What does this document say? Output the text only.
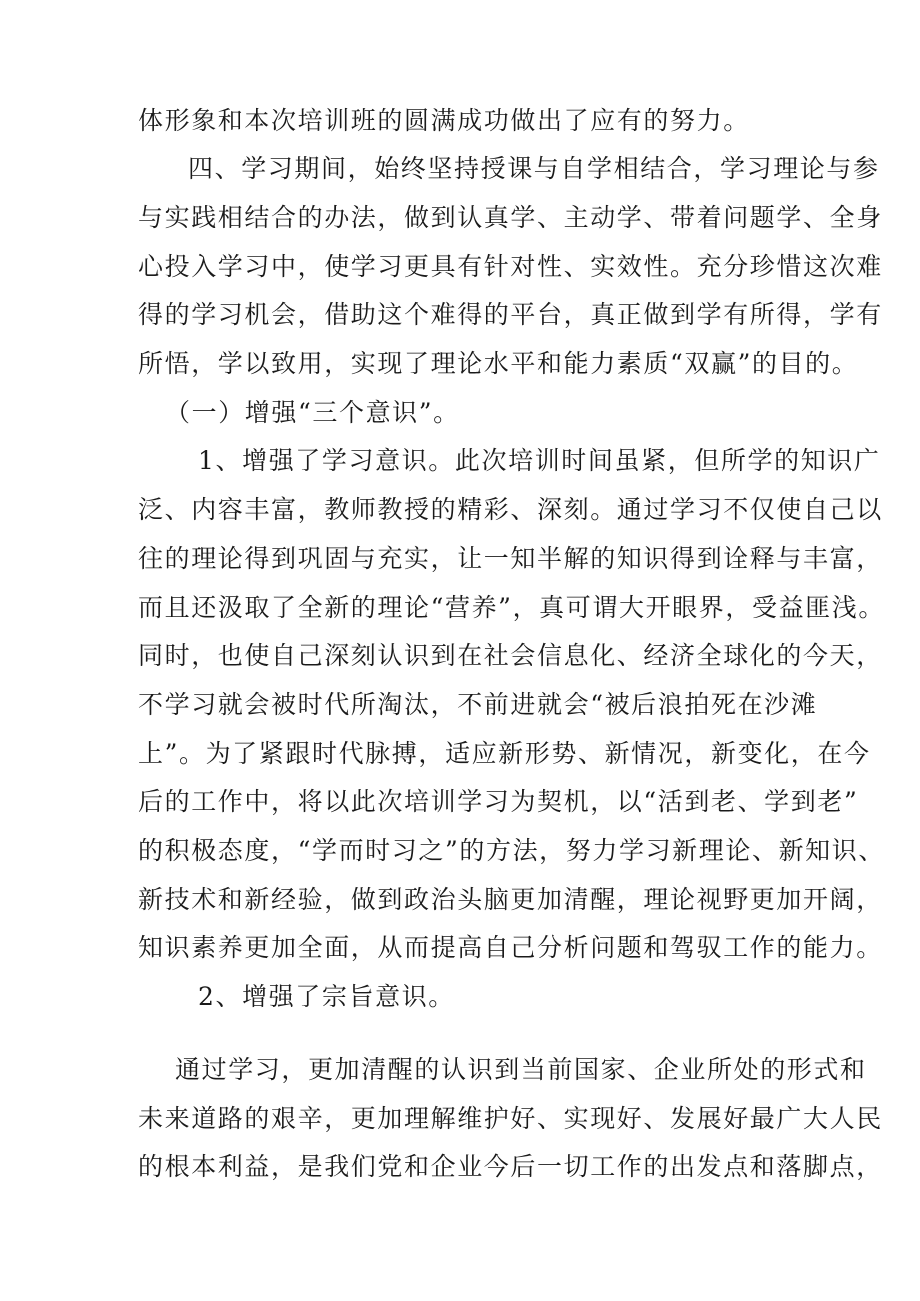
体形象和本次培训班的圆满成功做出了应有的努力。
四、学习期间，始终坚持授课与自学相结合，学习理论与参
与实践相结合的办法，做到认真学、主动学、带着问题学、全身
心投入学习中，使学习更具有针对性、实效性。充分珍惜这次难
得的学习机会，借助这个难得的平台，真正做到学有所得，学有
所悟，学以致用，实现了理论水平和能力素质“双赢”的目的。
（一）增强“三个意识”。
1、增强了学习意识。此次培训时间虽紧，但所学的知识广
泛、内容丰富，教师教授的精彩、深刻。通过学习不仅使自己以
往的理论得到巩固与充实，让一知半解的知识得到诠释与丰富，
而且还汲取了全新的理论“营养”，真可谓大开眼界，受益匪浅。
同时，也使自己深刻认识到在社会信息化、经济全球化的今天，
不学习就会被时代所淘汰，不前进就会“被后浪拍死在沙滩
上”。为了紧跟时代脉搏，适应新形势、新情况，新变化，在今
后的工作中，将以此次培训学习为契机，以“活到老、学到老”
的积极态度，“学而时习之”的方法，努力学习新理论、新知识、
新技术和新经验，做到政治头脑更加清醒，理论视野更加开阔，
知识素养更加全面，从而提高自己分析问题和驾驭工作的能力。
2、增强了宗旨意识。
通过学习，更加清醒的认识到当前国家、企业所处的形式和
未来道路的艰辛，更加理解维护好、实现好、发展好最广大人民
的根本利益，是我们党和企业今后一切工作的出发点和落脚点，
